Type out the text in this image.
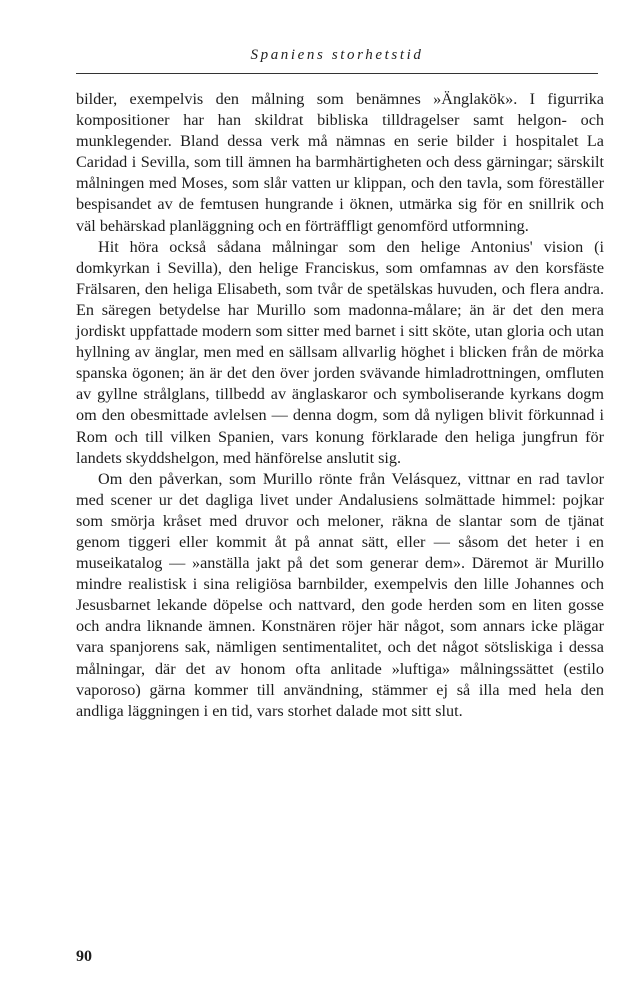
Spaniens storhetstid

bilder, exempelvis den målning som benämnes »Änglakök». I figurrika kompositioner har han skildrat bibliska tilldragelser samt helgon- och munklegender. Bland dessa verk må nämnas en serie bilder i hospitalet La Caridad i Sevilla, som till ämnen ha barmhärtigheten och dess gärningar; särskilt målningen med Moses, som slår vatten ur klippan, och den tavla, som föreställer bespisandet av de femtusen hungrande i öknen, utmärka sig för en snillrik och väl behärskad planläggning och en förträffligt genomförd utformning.

Hit höra också sådana målningar som den helige Antonius' vision (i domkyrkan i Sevilla), den helige Franciskus, som omfamnas av den korsfäste Frälsaren, den heliga Elisabeth, som tvår de spetälskas huvuden, och flera andra. En säregen betydelse har Murillo som madonna-målare; än är det den mera jordiskt uppfattade modern som sitter med barnet i sitt sköte, utan gloria och utan hyllning av änglar, men med en sällsam allvarlig höghet i blicken från de mörka spanska ögonen; än är det den över jorden svävande himladrottningen, omfluten av gyllne strålglans, tillbedd av änglaskaror och symboliserande kyrkans dogm om den obesmittade avlelsen — denna dogm, som då nyligen blivit förkunnad i Rom och till vilken Spanien, vars konung förklarade den heliga jungfrun för landets skyddshelgon, med hänförelse anslutit sig.

Om den påverkan, som Murillo rönte från Velásquez, vittnar en rad tavlor med scener ur det dagliga livet under Andalusiens solmättade himmel: pojkar som smörja kråset med druvor och meloner, räkna de slantar som de tjänat genom tiggeri eller kommit åt på annat sätt, eller — såsom det heter i en museikatalog — »anställa jakt på det som generar dem». Däremot är Murillo mindre realistisk i sina religiösa barnbilder, exempelvis den lille Johannes och Jesusbarnet lekande döpelse och nattvard, den gode herden som en liten gosse och andra liknande ämnen. Konstnären röjer här något, som annars icke plägar vara spanjorens sak, nämligen sentimentalitet, och det något sötsliskiga i dessa målningar, där det av honom ofta anlitade »luftiga» målningssättet (estilo vaporoso) gärna kommer till användning, stämmer ej så illa med hela den andliga läggningen i en tid, vars storhet dalade mot sitt slut.

90
